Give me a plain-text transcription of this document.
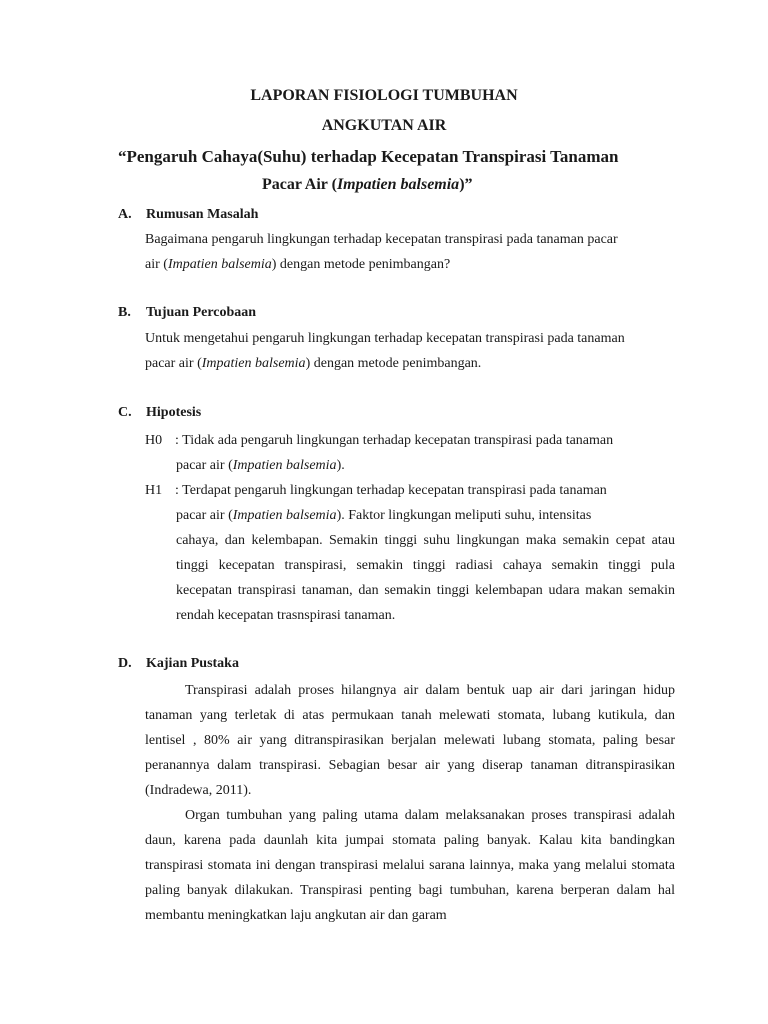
LAPORAN FISIOLOGI TUMBUHAN
ANGKUTAN AIR
“Pengaruh Cahaya(Suhu) terhadap Kecepatan Transpirasi Tanaman
Pacar Air (Impatien balsemia)”
A. Rumusan Masalah

Bagaimana pengaruh lingkungan terhadap kecepatan transpirasi pada tanaman pacar

air (Impatien balsemia) dengan metode penimbangan?

B. Tujuan Percobaan

Untuk mengetahui pengaruh lingkungan terhadap kecepatan transpirasi pada tanaman

pacar air (Impatien balsemia) dengan metode penimbangan.

C. Hipotesis
H0 : Tidak ada pengaruh lingkungan terhadap kecepatan transpirasi pada tanaman
pacar air (Impatien balsemia).
H1 : Terdapat pengaruh lingkungan terhadap kecepatan transpirasi pada tanaman
pacar air (Impatien balsemia). Faktor lingkungan meliputi suhu, intensitas
cahaya, dan kelembapan. Semakin tinggi suhu lingkungan maka semakin cepat atau tinggi kecepatan transpirasi, semakin tinggi radiasi cahaya semakin tinggi pula kecepatan transpirasi tanaman, dan semakin tinggi kelembapan udara makan semakin rendah kecepatan trasnspirasi tanaman.
D. Kajian Pustaka

Transpirasi adalah proses hilangnya air dalam bentuk uap air dari jaringan hidup tanaman yang terletak di atas permukaan tanah melewati stomata, lubang kutikula, dan lentisel , 80% air yang ditranspirasikan berjalan melewati lubang stomata, paling besar peranannya dalam transpirasi. Sebagian besar air yang diserap tanaman ditranspirasikan (Indradewa, 2011).

Organ tumbuhan yang paling utama dalam melaksanakan proses transpirasi adalah daun, karena pada daunlah kita jumpai stomata paling banyak. Kalau kita bandingkan transpirasi stomata ini dengan transpirasi melalui sarana lainnya, maka yang melalui stomata paling banyak dilakukan. Transpirasi penting bagi tumbuhan, karena berperan dalam hal membantu meningkatkan laju angkutan air dan garam
